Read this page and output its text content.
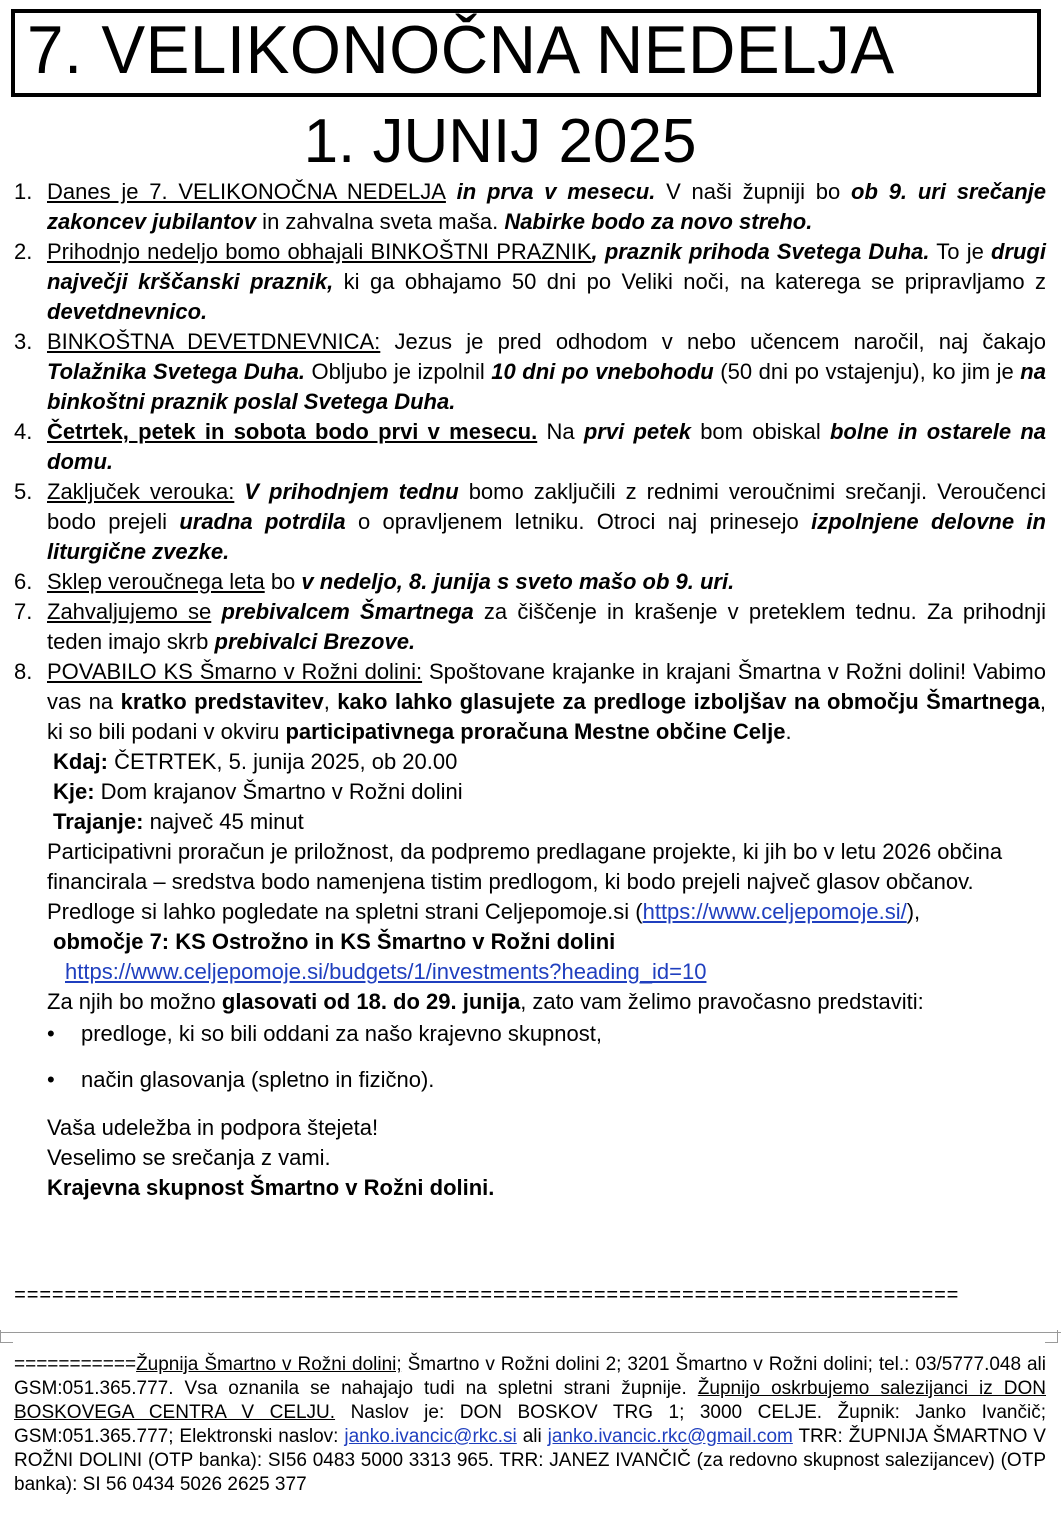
7. VELIKONOČNA NEDELJA
1. JUNIJ 2025
1. Danes je 7. VELIKONOČNA NEDELJA in prva v mesecu. V naši župniji bo ob 9. uri srečanje zakoncev jubilantov in zahvalna sveta maša. Nabirke bodo za novo streho.
2. Prihodnjo nedeljo bomo obhajali BINKOŠTNI PRAZNIK, praznik prihoda Svetega Duha. To je drugi največji krščanski praznik, ki ga obhajamo 50 dni po Veliki noči, na katerega se pripravljamo z devetdnevnico.
3. BINKOŠTNA DEVETDNEVNICA: Jezus je pred odhodom v nebo učencem naročil, naj čakajo Tolažnika Svetega Duha. Obljubo je izpolnil 10 dni po vnebohodu (50 dni po vstajenju), ko jim je na binkoštni praznik poslal Svetega Duha.
4. Četrtek, petek in sobota bodo prvi v mesecu. Na prvi petek bom obiskal bolne in ostarele na domu.
5. Zaključek verouka: V prihodnjem tednu bomo zaključili z rednimi veroučnimi srečanji. Veroučenci bodo prejeli uradna potrdila o opravljenem letniku. Otroci naj prinesejo izpolnjene delovne in liturgične zvezke.
6. Sklep veroučnega leta bo v nedeljo, 8. junija s sveto mašo ob 9. uri.
7. Zahvaljujemo se prebivalcem Šmartnega za čiščenje in krašenje v preteklem tednu. Za prihodnji teden imajo skrb prebivalci Brezove.
8. POVABILO KS Šmarno v Rožni dolini: Spoštovane krajanke in krajani Šmartna v Rožni dolini! Vabimo vas na kratko predstavitev, kako lahko glasujete za predloge izboljšav na območju Šmartnega, ki so bili podani v okviru participativnega proračuna Mestne občine Celje.
Kdaj: ČETRTEK, 5. junija 2025, ob 20.00
Kje: Dom krajanov Šmartno v Rožni dolini
Trajanje: največ 45 minut
Participativni proračun je priložnost, da podpremo predlagane projekte, ki jih bo v letu 2026 občina financirala – sredstva bodo namenjena tistim predlogom, ki bodo prejeli največ glasov občanov. Predloge si lahko pogledate na spletni strani Celjepomoje.si (https://www.celjepomoje.si/),
območje 7: KS Ostrožno in KS Šmartno v Rožni dolini
https://www.celjepomoje.si/budgets/1/investments?heading_id=10
Za njih bo možno glasovati od 18. do 29. junija, zato vam želimo pravočasno predstaviti:
•	predloge, ki so bili oddani za našo krajevno skupnost,
•	način glasovanja (spletno in fizično).
Vaša udeležba in podpora štejeta!
Veselimo se srečanja z vami.
Krajevna skupnost Šmartno v Rožni dolini.
===========================================================================
===========Župnija Šmartno v Rožni dolini; Šmartno v Rožni dolini 2; 3201 Šmartno v Rožni dolini; tel.: 03/5777.048 ali GSM:051.365.777. Vsa oznanila se nahajajo tudi na spletni strani župnije. Župnijo oskrbujemo salezijanci iz DON BOSKOVEGA CENTRA V CELJU. Naslov je: DON BOSKOV TRG 1; 3000 CELJE. Župnik: Janko Ivančič; GSM:051.365.777; Elektronski naslov: janko.ivancic@rkc.si ali janko.ivancic.rkc@gmail.com TRR: ŽUPNIJA ŠMARTNO V ROŽNI DOLINI (OTP banka): SI56 0483 5000 3313 965. TRR: JANEZ IVANČIČ (za redovno skupnost salezijancev) (OTP banka): SI 56 0434 5026 2625 377
